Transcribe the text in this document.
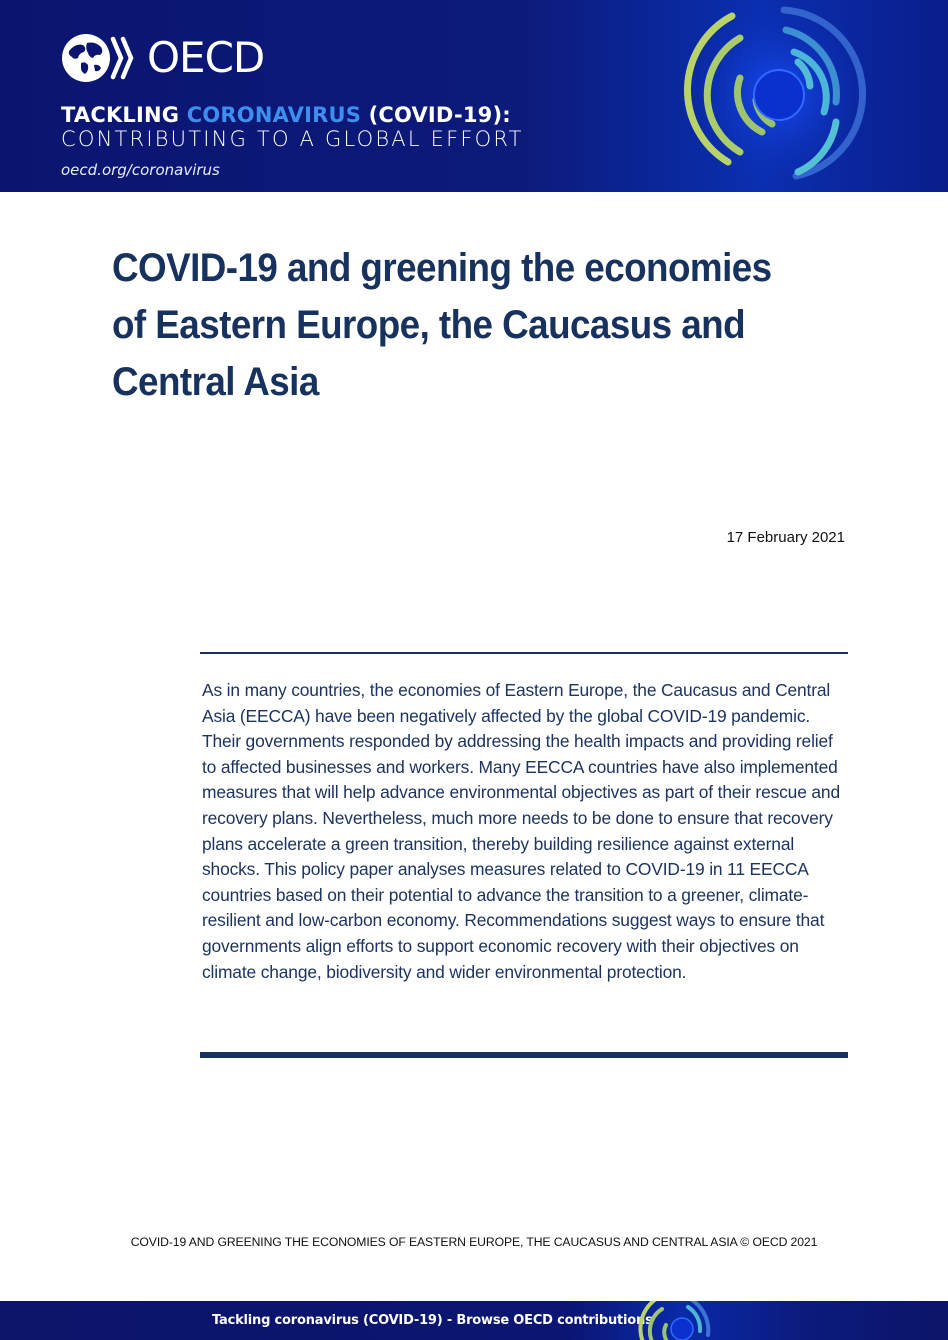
OECD
TACKLING CORONAVIRUS (COVID-19):
CONTRIBUTING TO A GLOBAL EFFORT
oecd.org/coronavirus
COVID-19 and greening the economies of Eastern Europe, the Caucasus and Central Asia
17 February 2021

As in many countries, the economies of Eastern Europe, the Caucasus and Central Asia (EECCA) have been negatively affected by the global COVID-19 pandemic. Their governments responded by addressing the health impacts and providing relief to affected businesses and workers. Many EECCA countries have also implemented measures that will help advance environmental objectives as part of their rescue and recovery plans. Nevertheless, much more needs to be done to ensure that recovery plans accelerate a green transition, thereby building resilience against external shocks. This policy paper analyses measures related to COVID-19 in 11 EECCA countries based on their potential to advance the transition to a greener, climate-resilient and low-carbon economy. Recommendations suggest ways to ensure that governments align efforts to support economic recovery with their objectives on climate change, biodiversity and wider environmental protection.

COVID-19 AND GREENING THE ECONOMIES OF EASTERN EUROPE, THE CAUCASUS AND CENTRAL ASIA © OECD 2021
Tackling coronavirus (COVID-19) - Browse OECD contributions
